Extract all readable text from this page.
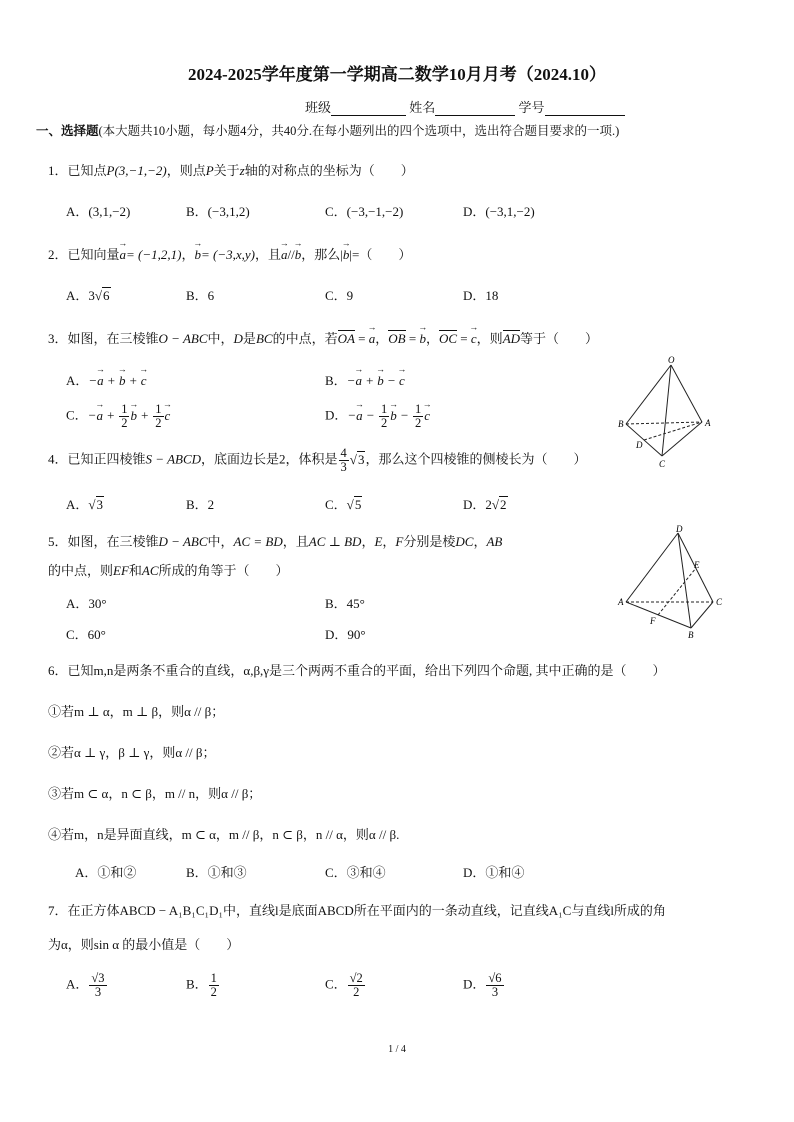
2024-2025学年度第一学期高二数学10月月考（2024.10）
班级	姓名	学号
一、选择题(本大题共10小题，每小题4分，共40分.在每小题列出的四个选项中，选出符合题目要求的一项.)
1．已知点P(3,−1,−2)，则点P关于z轴的对称点的坐标为（　　）
A．(3,1,−2)	B．(−3,1,2)	C．(−3,−1,−2)	D．(−3,1,−2)
2．已知向量→ a= (−1,2,1)，→ b= (−3,x,y)，且→ a//→ b，那么|→ b|=（　　）
A．3√6	B．6	C．9	D．18
3．如图，在三棱锥O − ABC中，D是BC的中点，若OA = → a，OB = → b，OC = → c，则AD等于（　　）
A．−→ a + → b + → c	B．−→ a + → b − → c
C．−→ $a + \frac{1}{2}$
→ $b + \frac{1}{2}$
→ c	D．−→ $a - \frac{1}{2}$
→ $b - \frac{1}{2}$
→ c
O
A
B
C
D
4．已知正四棱锥S − ABCD，底面边长是2，体积是 $\frac{4}{3} √3$，那么这个四棱锥的侧棱长为（　　）
A．√3	B．2	C．√5	D．2√2
5．如图，在三棱锥D − ABC中，AC = BD，且AC ⊥ BD，E，F分别是棱DC，AB
的中点，则EF和AC所成的角等于（　　）
A．30°	B．45°
C．60°	D．90°
D
E
A	C
F
B
6．已知m,n是两条不重合的直线，α,β,γ是三个两两不重合的平面，给出下列四个命题, 其中正确的是（　　）
①若m ⊥ α，m ⊥ β，则α // β；
②若α ⊥ γ，β ⊥ γ，则α // β；
③若m ⊂ α，n ⊂ β，m // n，则α // β；
④若m，n是异面直线，m ⊂ α，m // β，n ⊂ β，n // α，则α // β.
A．①和②	B．①和③	C．③和④	D．①和④
7．在正方体ABCD − A₁B₁C₁D₁中，直线l是底面ABCD所在平面内的一条动直线，记直线A₁C与直线l所成的角
为α，则sin α 的最小值是（　　）
A． $\frac{√3}{3}$	B． $\frac{1}{2}$	C． $\frac{√2}{2}$	D． $\frac{√6}{3}$
1 / 4
